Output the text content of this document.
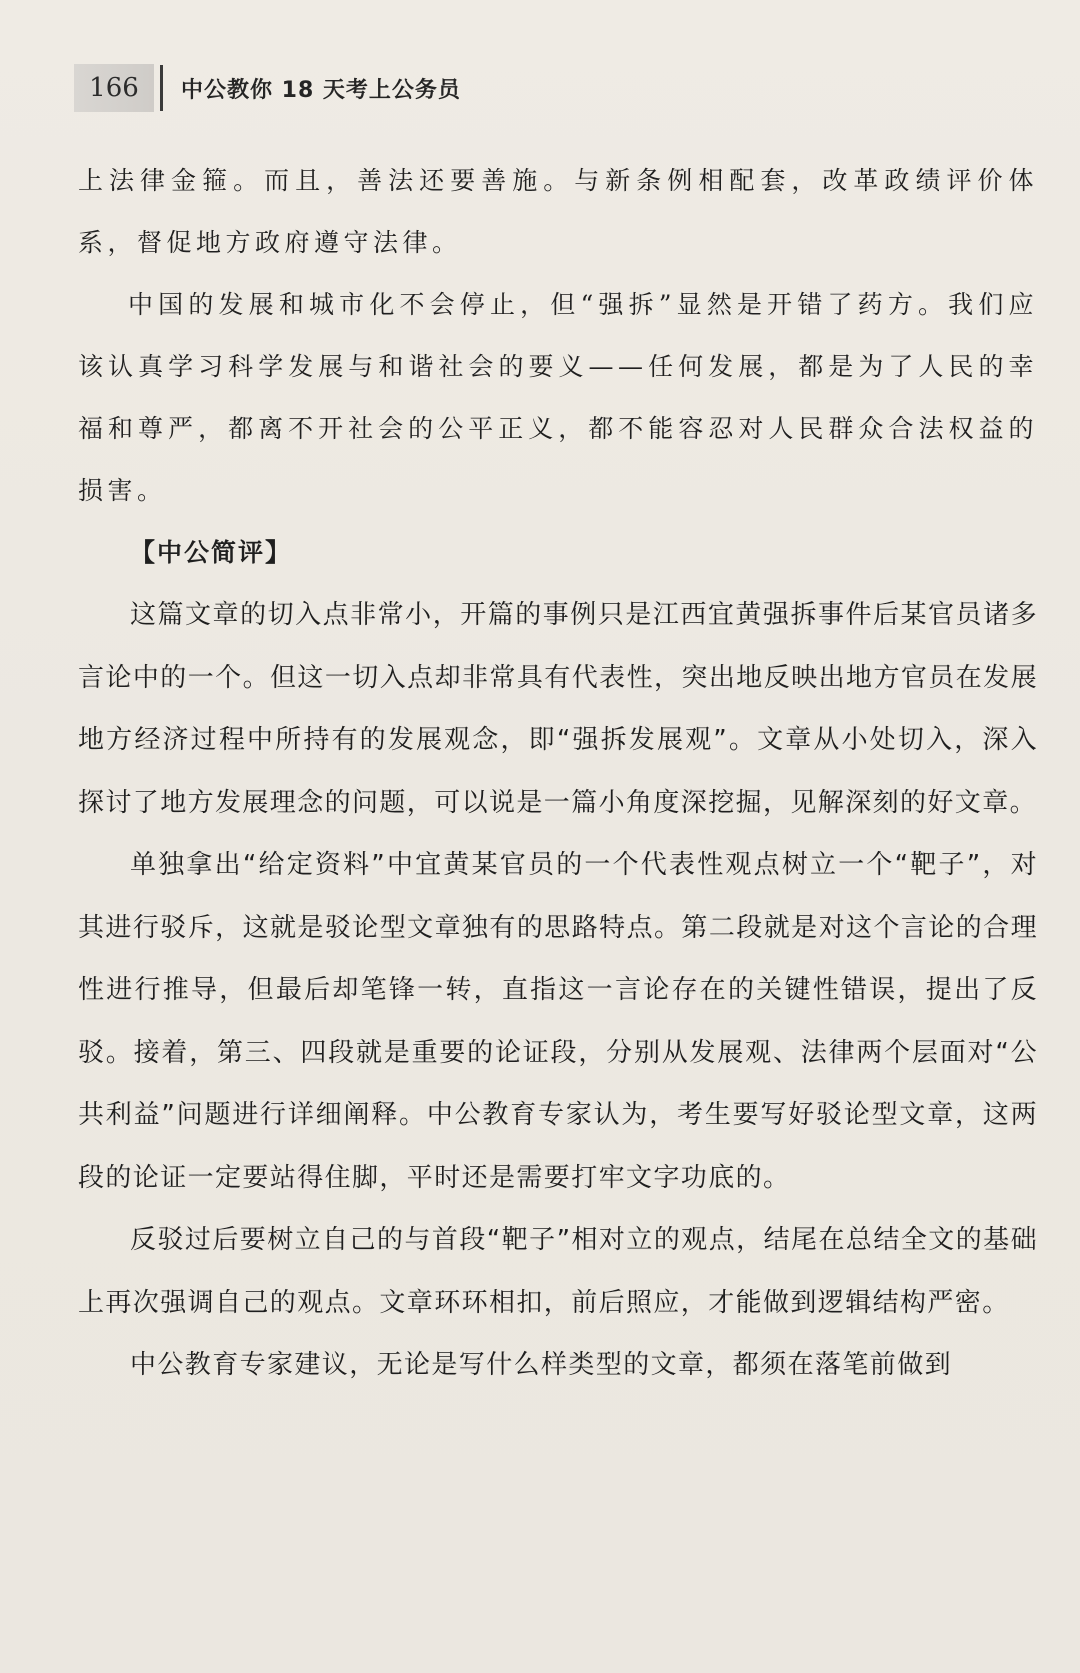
166	中公教你 18 天考上公务员

上法律金箍。而且，善法还要善施。与新条例相配套，改革政绩评价体系，督促地方政府遵守法律。

中国的发展和城市化不会停止，但“强拆”显然是开错了药方。我们应该认真学习科学发展与和谐社会的要义——任何发展，都是为了人民的幸福和尊严，都离不开社会的公平正义，都不能容忍对人民群众合法权益的损害。

【中公简评】

这篇文章的切入点非常小，开篇的事例只是江西宜黄强拆事件后某官员诸多言论中的一个。但这一切入点却非常具有代表性，突出地反映出地方官员在发展地方经济过程中所持有的发展观念，即“强拆发展观”。文章从小处切入，深入探讨了地方发展理念的问题，可以说是一篇小角度深挖掘，见解深刻的好文章。

单独拿出“给定资料”中宜黄某官员的一个代表性观点树立一个“靶子”，对其进行驳斥，这就是驳论型文章独有的思路特点。第二段就是对这个言论的合理性进行推导，但最后却笔锋一转，直指这一言论存在的关键性错误，提出了反驳。接着，第三、四段就是重要的论证段，分别从发展观、法律两个层面对“公共利益”问题进行详细阐释。中公教育专家认为，考生要写好驳论型文章，这两段的论证一定要站得住脚，平时还是需要打牢文字功底的。

反驳过后要树立自己的与首段“靶子”相对立的观点，结尾在总结全文的基础上再次强调自己的观点。文章环环相扣，前后照应，才能做到逻辑结构严密。

中公教育专家建议，无论是写什么样类型的文章，都须在落笔前做到
